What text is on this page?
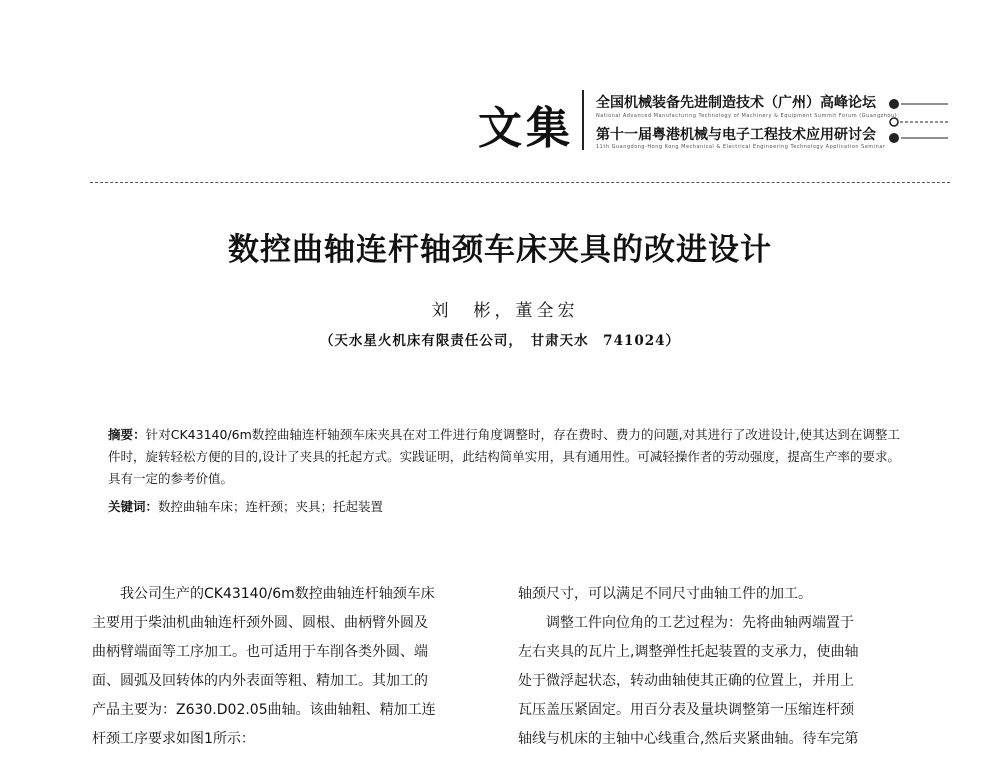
文 集 全国机械装备先进制造技术（广州）高峰论坛
National Advanced Manufacturing Technology of Machinery & Equipment Summit Forum (Guangzhou)
第十一届粤港机械与电子工程技术应用研讨会
11th Guangdong-Hong Kong Mechanical & Electrical Engineering Technology Application Seminar
数控曲轴连杆轴颈车床夹具的改进设计
刘　彬，董全宏
（天水星火机床有限责任公司，　甘肃天水　741024）
摘要：针对CK43140/6m数控曲轴连杆轴颈车床夹具在对工件进行角度调整时，存在费时、费力的问题,对其进行了改进设计,使其达到在调整工件时，旋转轻松方便的目的,设计了夹具的托起方式。实践证明，此结构简单实用，具有通用性。可减轻操作者的劳动强度，提高生产率的要求。具有一定的参考价值。
关键词：数控曲轴车床；连杆颈；夹具；托起装置
我公司生产的CK43140/6m数控曲轴连杆轴颈车床
主要用于柴油机曲轴连杆颈外圆、圆根、曲柄臂外圆及
曲柄臂端面等工序加工。也可适用于车削各类外圆、端
面、圆弧及回转体的内外表面等粗、精加工。其加工的
产品主要为：Z630.D02.05曲轴。该曲轴粗、精加工连
杆颈工序要求如图1所示：
轴颈尺寸，可以满足不同尺寸曲轴工件的加工。
调整工件向位角的工艺过程为：先将曲轴两端置于
左右夹具的瓦片上,调整弹性托起装置的支承力，使曲轴
处于微浮起状态，转动曲轴使其正确的位置上，并用上
瓦压盖压紧固定。用百分表及量块调整第一压缩连杆颈
轴线与机床的主轴中心线重合,然后夹紧曲轴。待车完第
